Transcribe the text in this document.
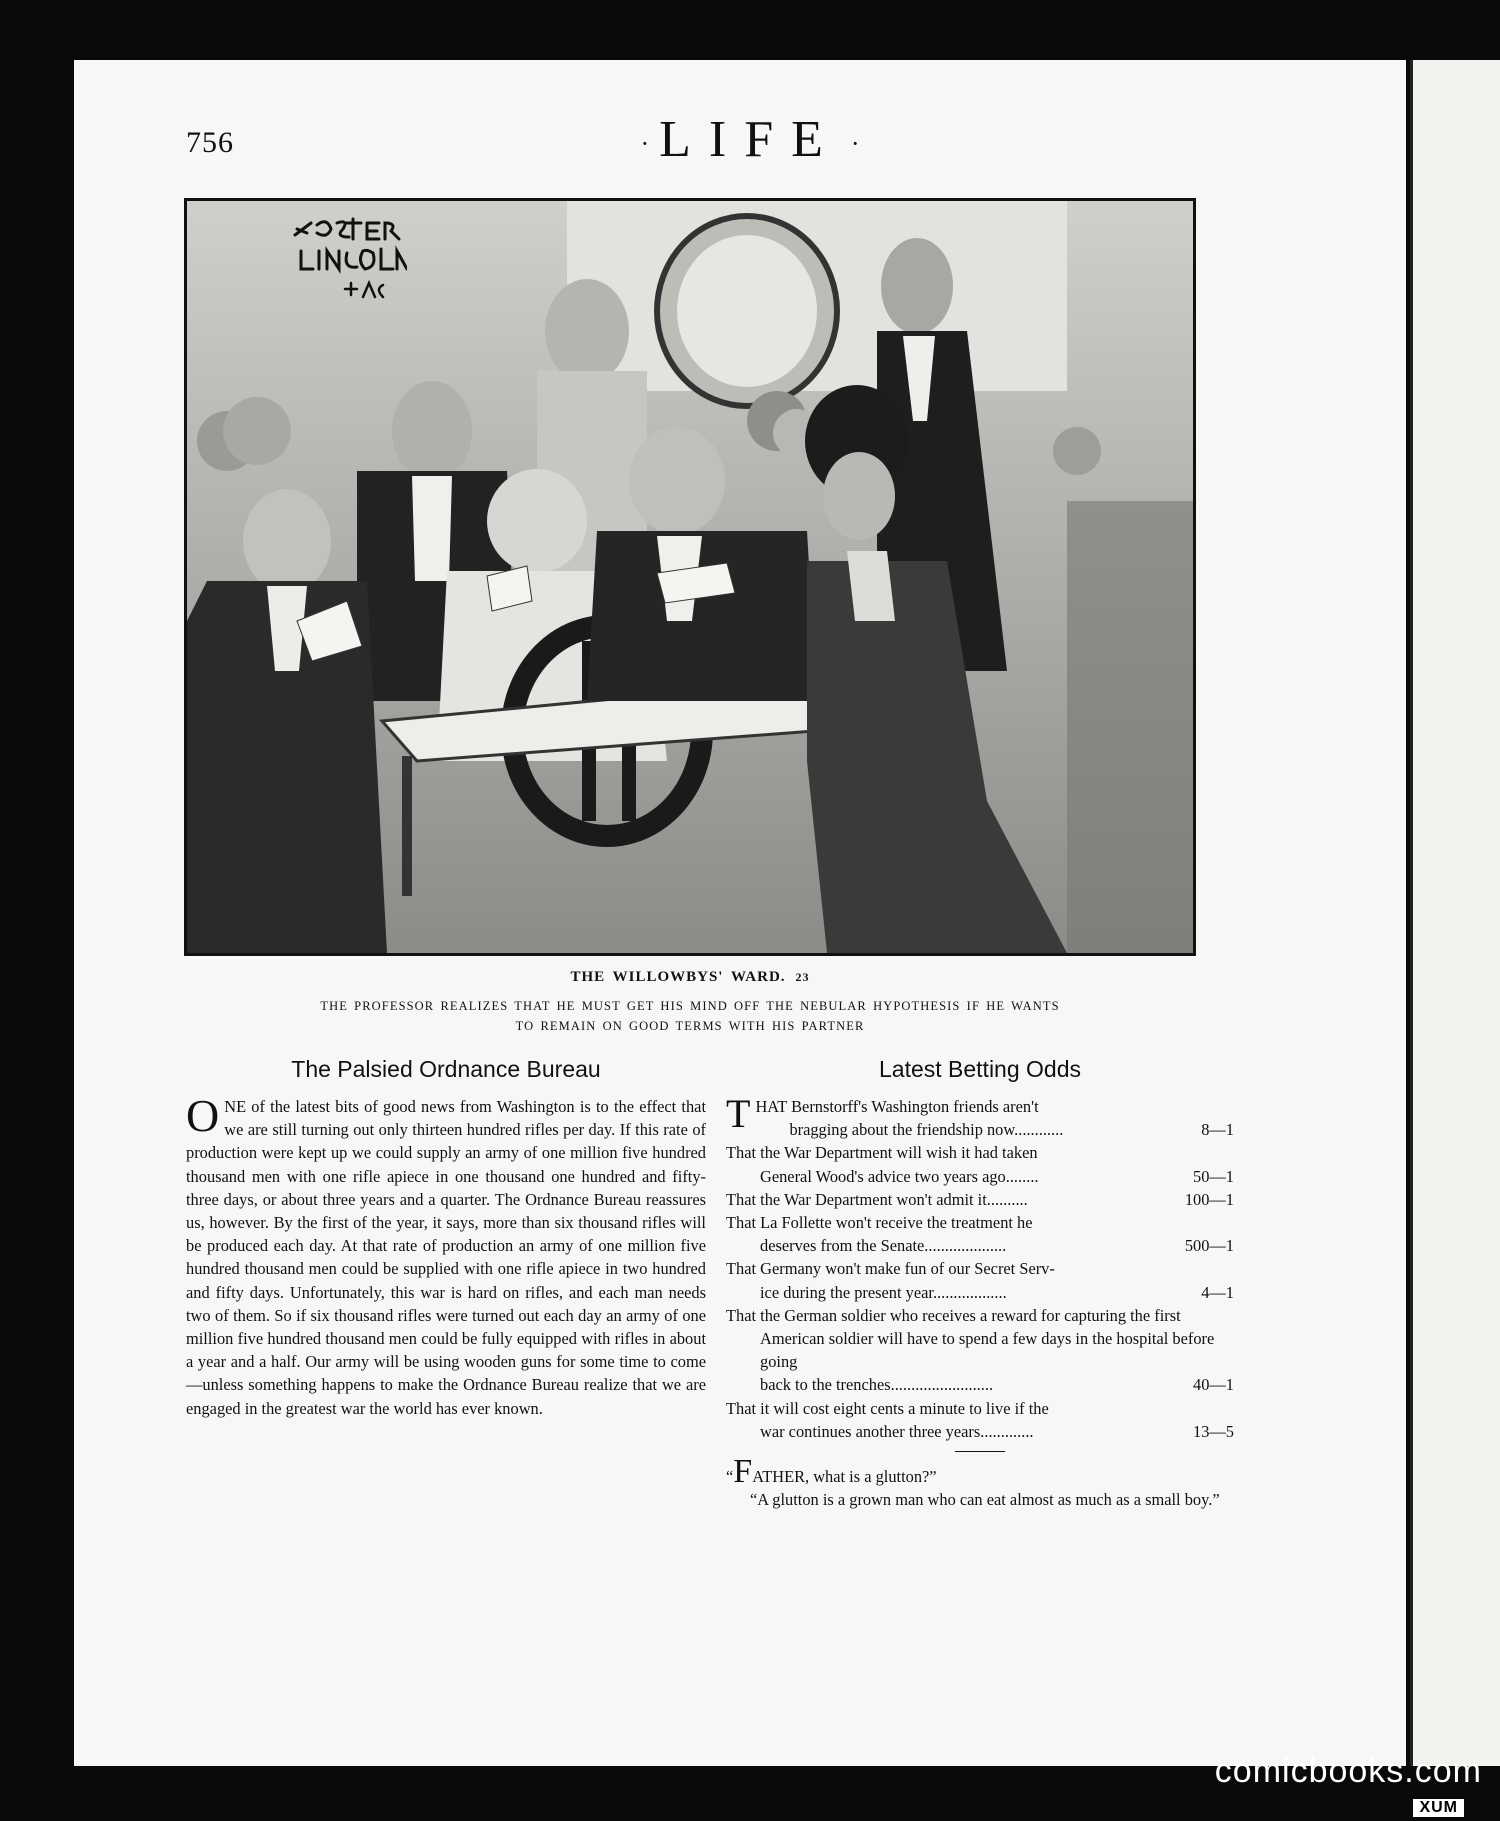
756	· LIFE ·
THE WILLOWBYS' WARD. 23
THE PROFESSOR REALIZES THAT HE MUST GET HIS MIND OFF THE NEBULAR HYPOTHESIS IF HE WANTS TO REMAIN ON GOOD TERMS WITH HIS PARTNER
The Palsied Ordnance Bureau

ONE of the latest bits of good news from Washington is to the effect that we are still turning out only thirteen hundred rifles per day. If this rate of production were kept up we could supply an army of one million five hundred thousand men with one rifle apiece in one thousand one hundred and fifty-three days, or about three years and a quarter. The Ordnance Bureau reassures us, however. By the first of the year, it says, more than six thousand rifles will be produced each day. At that rate of production an army of one million five hundred thousand men could be supplied with one rifle apiece in two hundred and fifty days. Unfortunately, this war is hard on rifles, and each man needs two of them. So if six thousand rifles were turned out each day an army of one million five hundred thousand men could be fully equipped with rifles in about a year and a half. Our army will be using wooden guns for some time to come—unless something happens to make the Ordnance Bureau realize that we are engaged in the greatest war the world has ever known.

Latest Betting Odds
THAT Bernstorff's Washington friends aren't
bragging about the friendship now............	8—1
That the War Department will wish it had taken
General Wood's advice two years ago........	50—1
That the War Department won't admit it..........	100—1
That La Follette won't receive the treatment he
deserves from the Senate....................	500—1
That Germany won't make fun of our Secret Serv-
ice during the present year..................	4—1
That the German soldier who receives a reward for capturing the first American soldier will have to spend a few days in the hospital before going
back to the trenches.........................	40—1
That it will cost eight cents a minute to live if the
war continues another three years.............	13—5
“FATHER, what is a glutton?”
“A glutton is a grown man who can eat almost as much as a small boy.”
comicbooks.com
XUM
